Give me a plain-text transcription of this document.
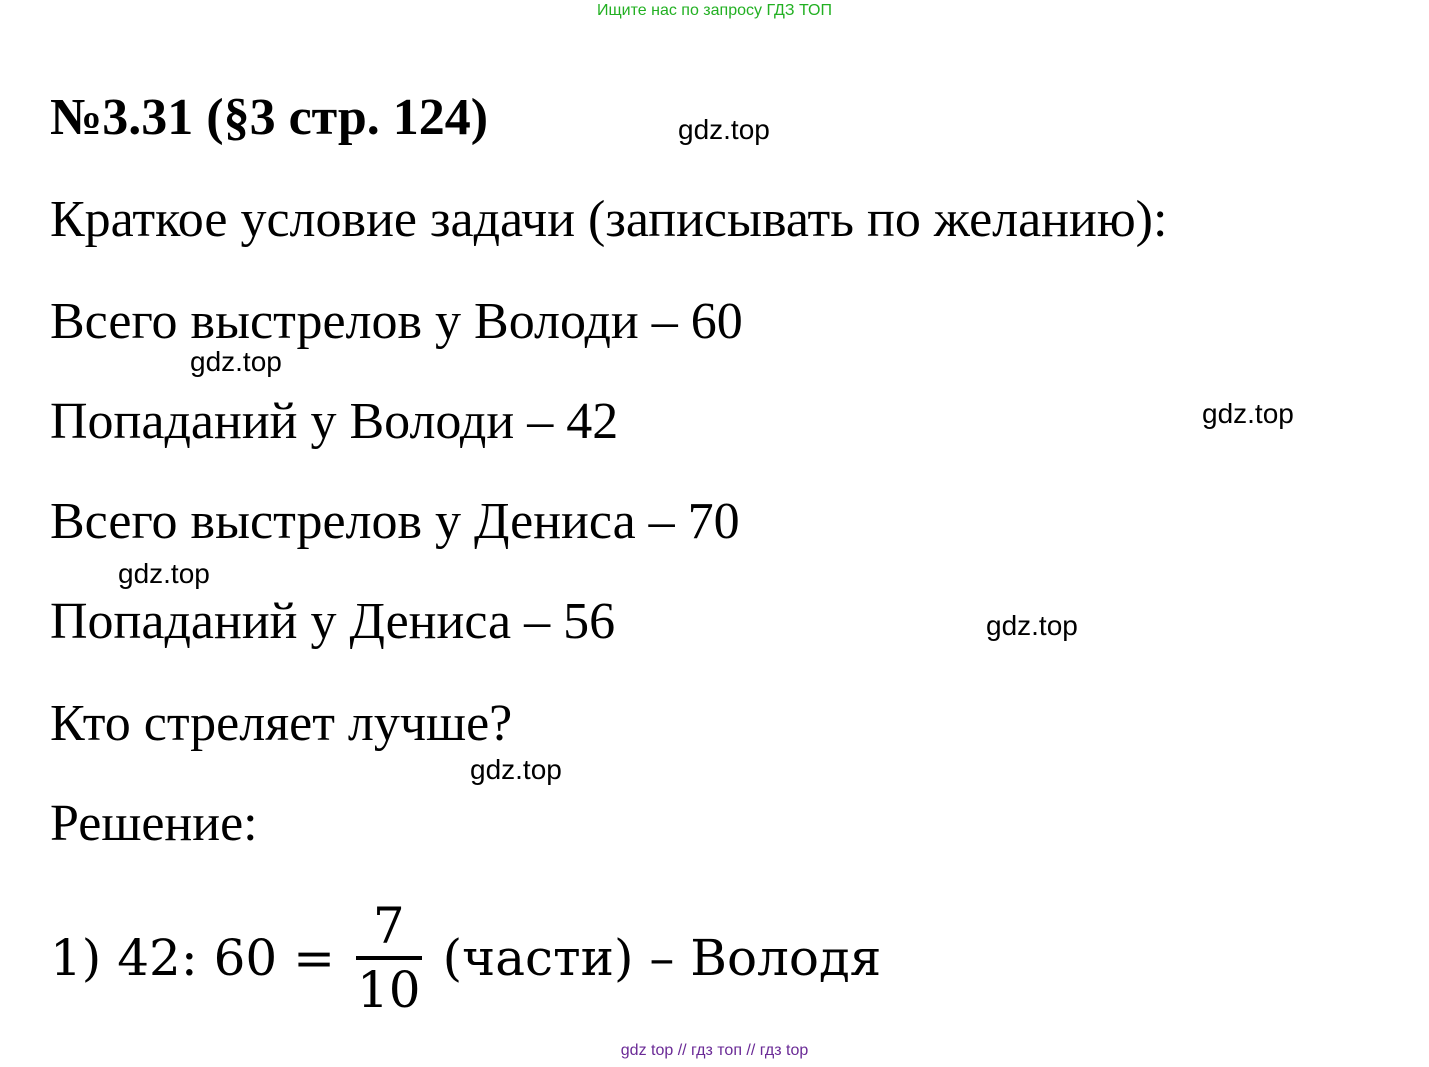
Ищите нас по запросу ГДЗ ТОП
№3.31 (§3 стр. 124)
Краткое условие задачи (записывать по желанию):
Всего выстрелов у Володи – 60
Попаданий у Володи – 42
Всего выстрелов у Дениса – 70
Попаданий у Дениса – 56
Кто стреляет лучше?
Решение:
1) 42: $60 = \frac{7}{10}$ (части) – Володя
gdz.top
gdz.top
gdz.top
gdz.top
gdz.top
gdz.top
gdz top // гдз топ // гдз top
